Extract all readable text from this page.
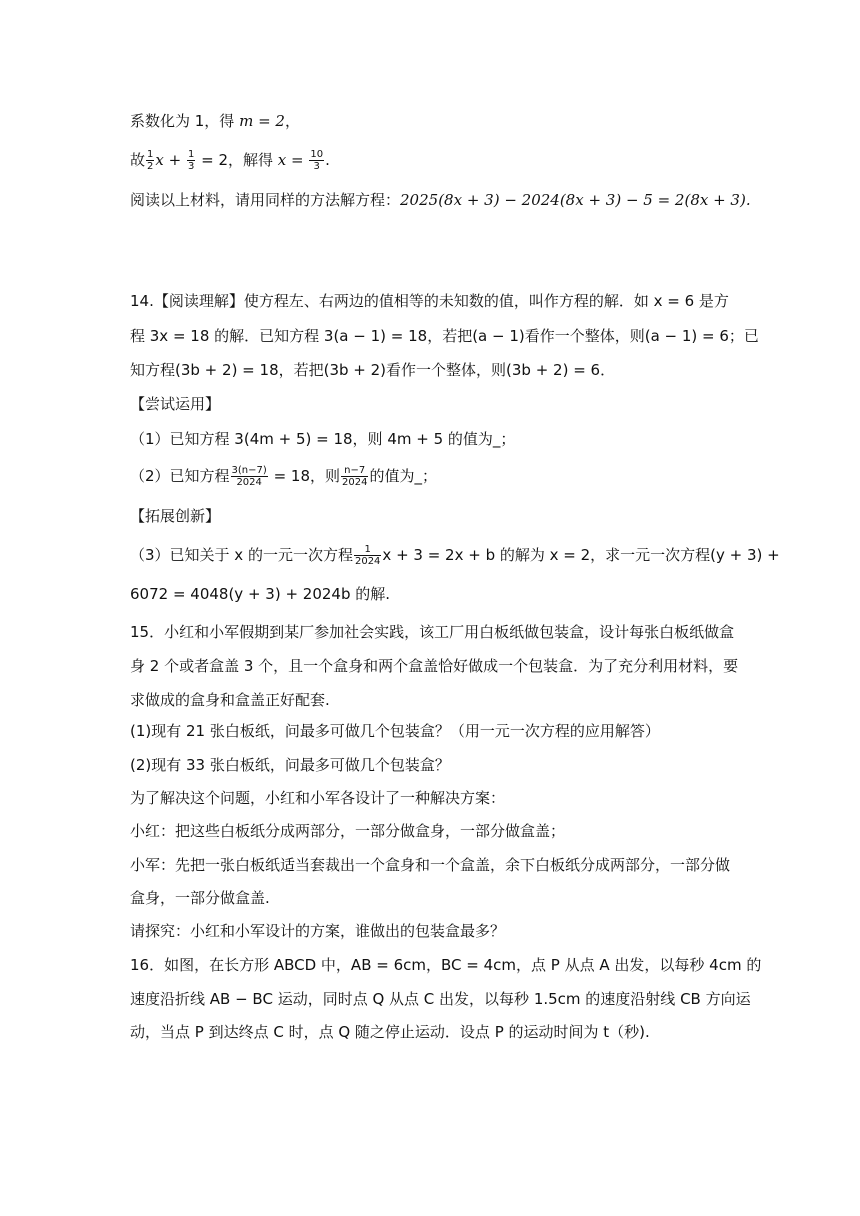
系数化为 1，得 m = 2，
故 $\frac{1}{2}$ $x + \frac{1}{3} = 2$，解得 $x = \frac{10}{3}$ .
阅读以上材料，请用同样的方法解方程：2025(8x + 3) − 2024(8x + 3) − 5 = 2(8x + 3).
14.【阅读理解】使方程左、右两边的值相等的未知数的值，叫作方程的解．如 x = 6 是方
程 3x = 18 的解．已知方程 3(a − 1) = 18，若把(a − 1)看作一个整体，则(a − 1) = 6；已
知方程(3b + 2) = 18，若把(3b + 2)看作一个整体，则(3b + 2) = 6．
【尝试运用】
（1）已知方程 3(4m + 5) = 18，则 4m + 5 的值为_；
（2）已知方程 $\frac{3(n-7)}{2024} = 18$，则 $\frac{n-7}{2024}$ 的值为_；
【拓展创新】
（3）已知关于 x 的一元一次方程 $\frac{1}{2024}$ x + 3 = 2x + b 的解为 x = 2，求一元一次方程(y + 3) +
6072 = 4048(y + 3) + 2024b 的解.
15．小红和小军假期到某厂参加社会实践，该工厂用白板纸做包装盒，设计每张白板纸做盒
身 2 个或者盒盖 3 个，且一个盒身和两个盒盖恰好做成一个包装盒．为了充分利用材料，要
求做成的盒身和盒盖正好配套.
(1)现有 21 张白板纸，问最多可做几个包装盒？（用一元一次方程的应用解答）
(2)现有 33 张白板纸，问最多可做几个包装盒？
为了解决这个问题，小红和小军各设计了一种解决方案：
小红：把这些白板纸分成两部分，一部分做盒身，一部分做盒盖；
小军：先把一张白板纸适当套裁出一个盒身和一个盒盖，余下白板纸分成两部分，一部分做
盒身，一部分做盒盖.
请探究：小红和小军设计的方案，谁做出的包装盒最多？
16．如图，在长方形 ABCD 中，AB = 6cm，BC = 4cm，点 P 从点 A 出发，以每秒 4cm 的
速度沿折线 AB − BC 运动，同时点 Q 从点 C 出发，以每秒 1.5cm 的速度沿射线 CB 方向运
动，当点 P 到达终点 C 时，点 Q 随之停止运动．设点 P 的运动时间为 t（秒).
